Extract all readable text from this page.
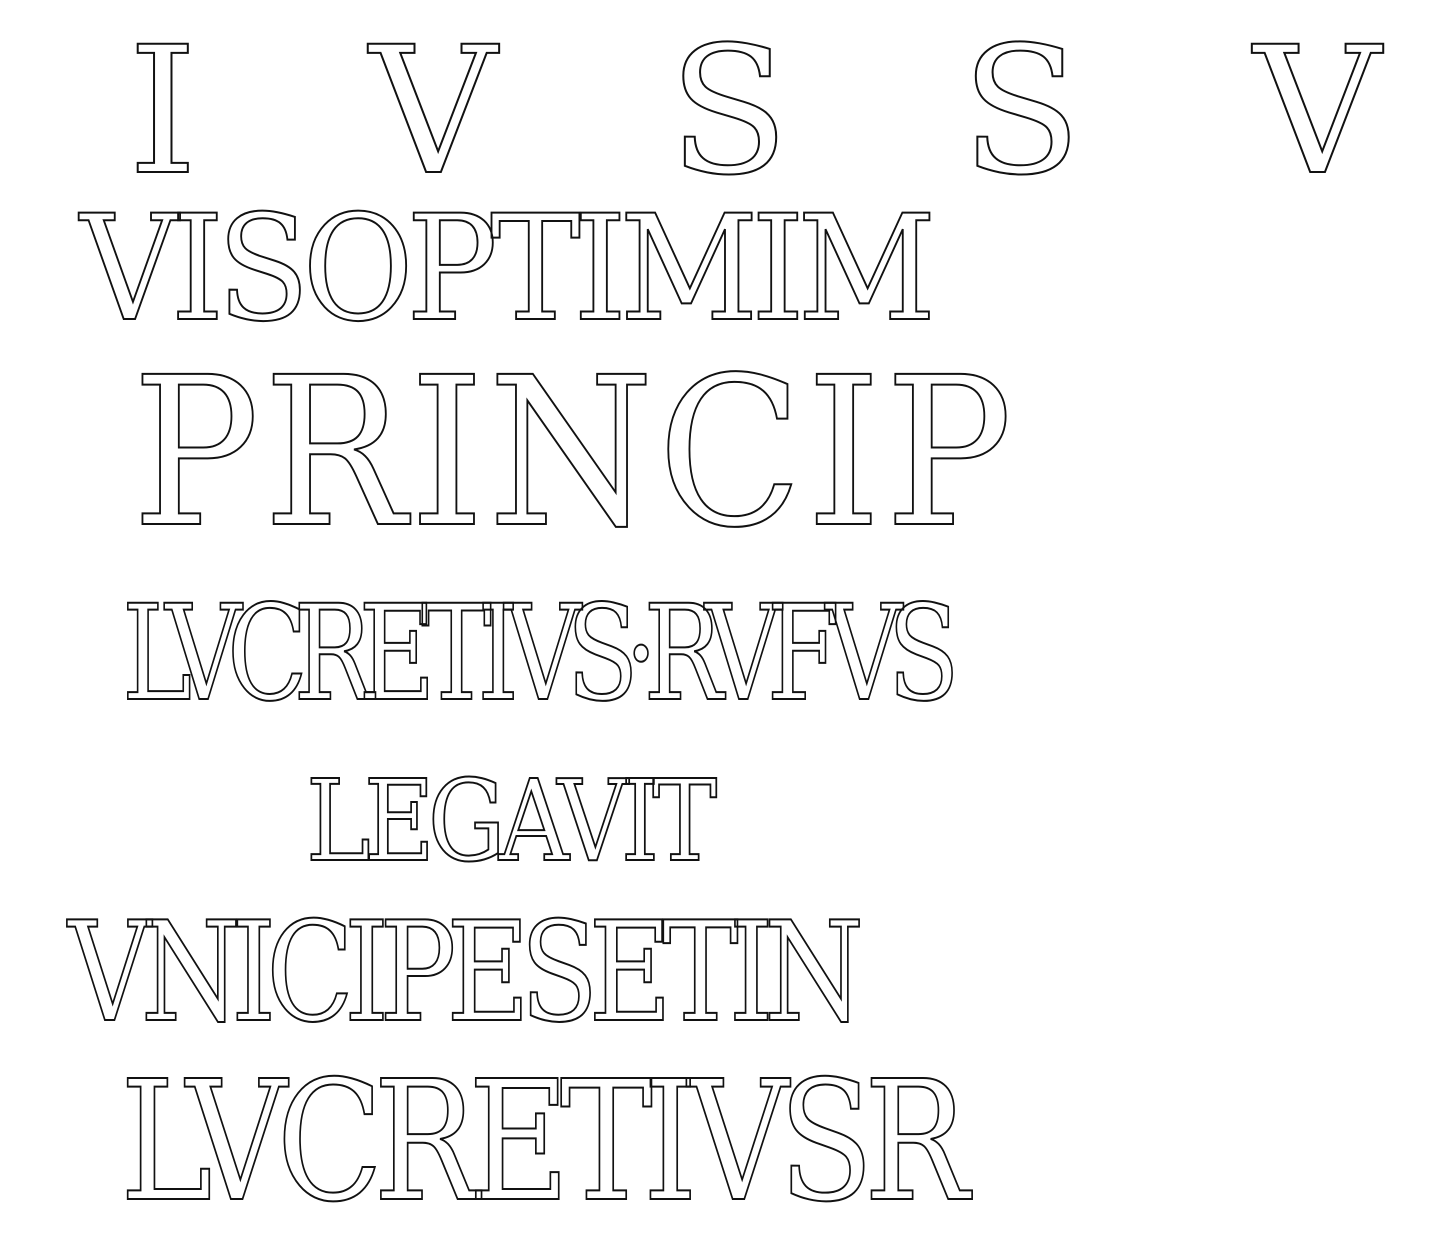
I V S S V

VISOPTIMIM

PRINCIP

LVCRETIVS·RVFVS

LEGAVIT

VNICIPESETIN

LVCRETIVSR
